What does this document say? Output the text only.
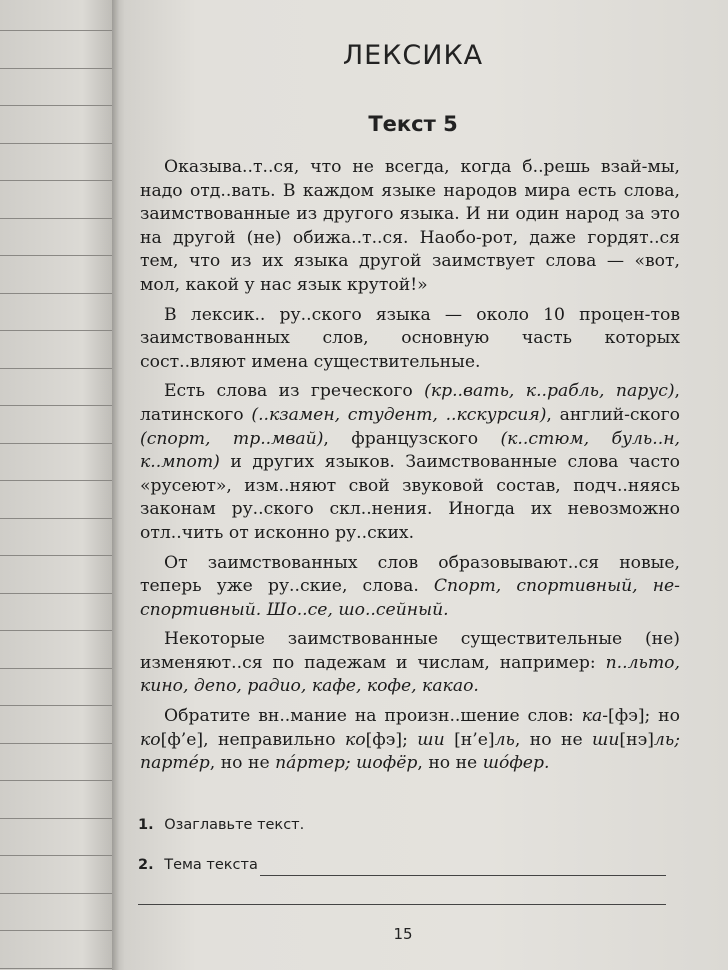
ЛЕКСИКА
Текст 5

Оказыва..т..ся, что не всегда, когда б..решь взай-мы, надо отд..вать. В каждом языке народов мира есть слова, заимствованные из другого языка. И ни один народ за это на другой (не) обижа..т..ся. Наобо-рот, даже гордят..ся тем, что из их языка другой заимствует слова — «вот, мол, какой у нас язык крутой!»

В лексик.. ру..ского языка — около 10 процен-тов заимствованных слов, основную часть которых сост..вляют имена существительные.

Есть слова из греческого (кр..вать, к..рабль, парус), латинского (..кзамен, студент, ..кскурсия), англий-ского (спорт, тр..мвай), французского (к..стюм, буль..н, к..мпот) и других языков. Заимствованные слова часто «русеют», изм..няют свой звуковой состав, подч..няясь законам ру..ского скл..нения. Иногда их невозможно отл..чить от исконно ру..ских.

От заимствованных слов образовывают..ся новые, теперь уже ру..ские, слова. Спорт, спортивный, не-спортивный. Шо..се, шо..сейный.

Некоторые заимствованные существительные (не) изменяют..ся по падежам и числам, например: п..льто, кино, депо, радио, кафе, кофе, какао.

Обратите вн..мание на произн..шение слов: ка-[фэ]; но ко[ф’е], неправильно ко[фэ]; ши [н’е]ль, но не ши[нэ]ль; партéр, но не пáртер; шофёр, но не шóфер.

1. Озаглавьте текст.
2. Тема текста
15
